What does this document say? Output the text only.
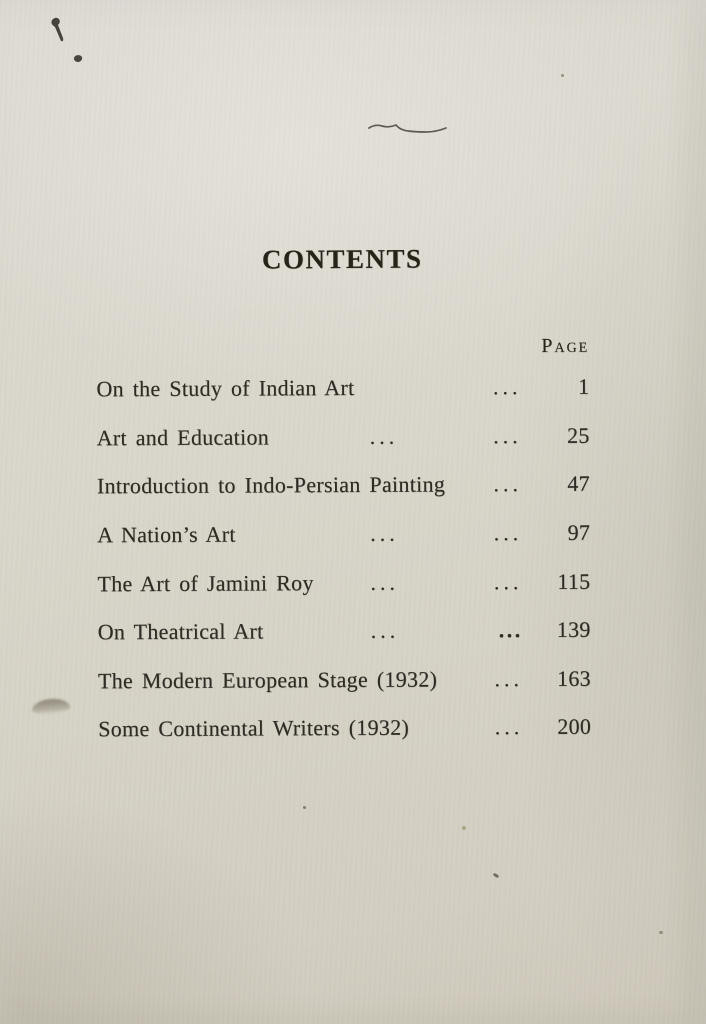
CONTENTS
Page
On the Study of Indian Art	...	1
Art and Education	...	...	25
Introduction to Indo-Persian Painting ...	47
A Nation’s Art	...	...	97
The Art of Jamini Roy	...	...	115
On Theatrical Art	...	...	139
The Modern European Stage (1932)	...	163
Some Continental Writers (1932)	...	200
